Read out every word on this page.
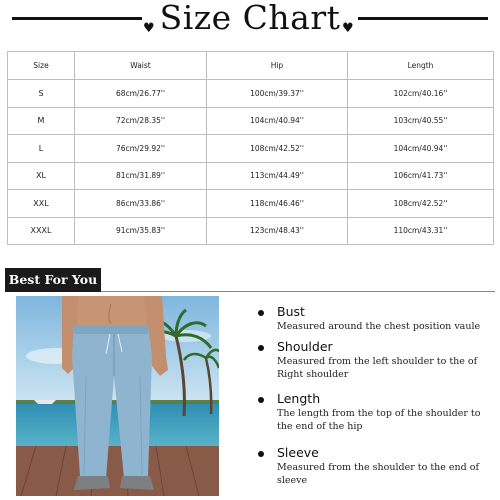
♥ Size Chart ♥
Size	Waist	Hip	Length
S	68cm/26.77''	100cm/39.37''	102cm/40.16''
M	72cm/28.35''	104cm/40.94''	103cm/40.55''
L	76cm/29.92''	108cm/42.52''	104cm/40.94''
XL	81cm/31.89''	113cm/44.49''	106cm/41.73''
XXL	86cm/33.86''	118cm/46.46''	108cm/42.52''
XXXL	91cm/35.83''	123cm/48.43''	110cm/43.31''
Best For You
Bust
Measured around the chest position vaule
Shoulder
Measured from the left shoulder to the of Right shoulder
Length
The length from the top of the shoulder to the end of the hip
Sleeve
Measured from the shoulder to the end of sleeve
